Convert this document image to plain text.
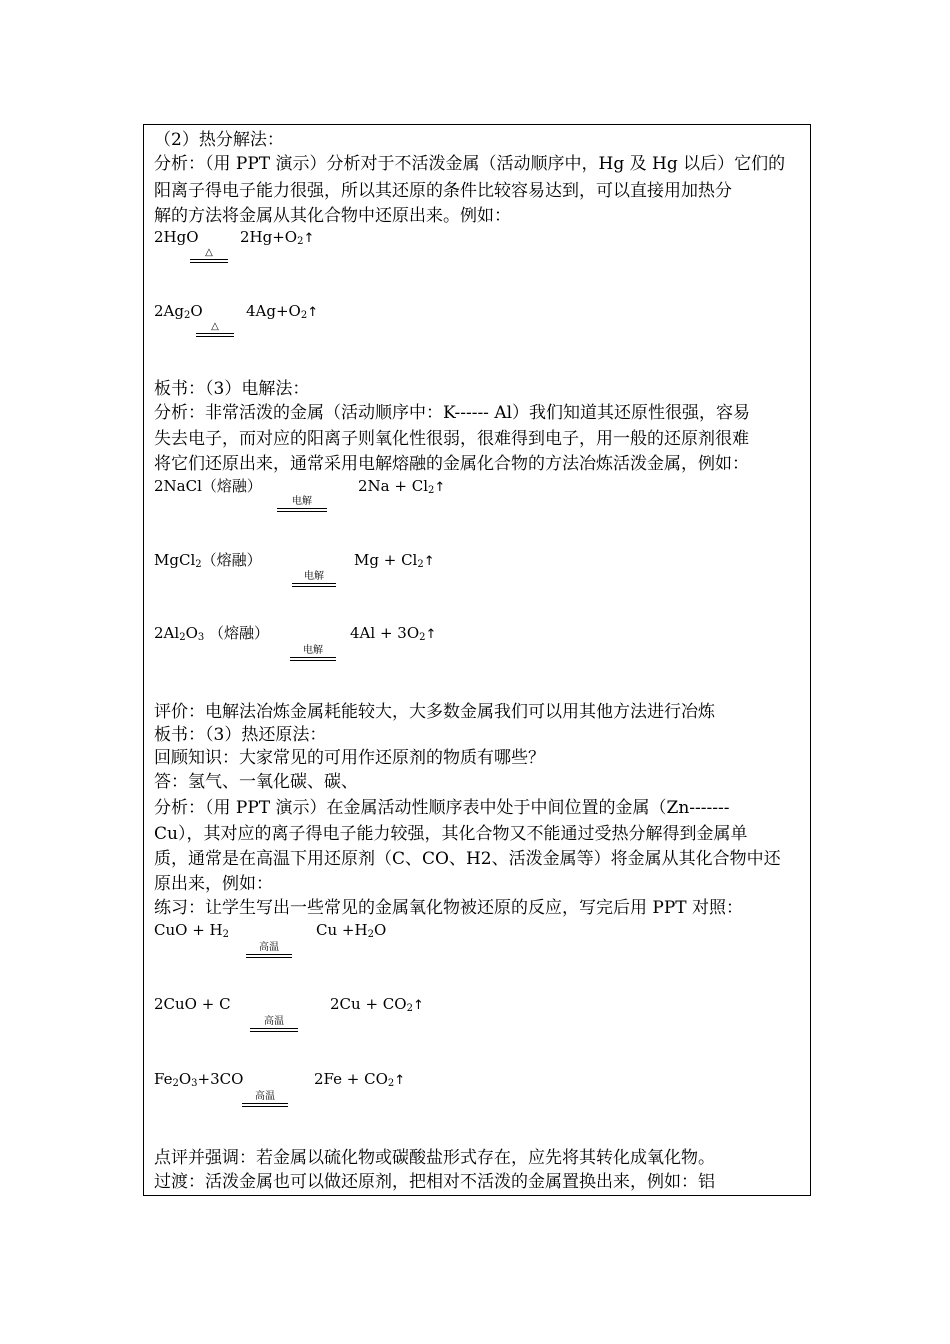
（2）热分解法：
分析：（用 PPT 演示）分析对于不活泼金属（活动顺序中，Hg 及 Hg 以后）它们的
阳离子得电子能力很强，所以其还原的条件比较容易达到，可以直接用加热分
解的方法将金属从其化合物中还原出来。例如：
2HgO	$2Hg+O_2↑$
△
$2Ag_2O$	$4Ag+O_2↑$
△
板书：（3）电解法：
分析：非常活泼的金属（活动顺序中：K------ Al）我们知道其还原性很强，容易
失去电子，而对应的阳离子则氧化性很弱，很难得到电子，用一般的还原剂很难
将它们还原出来，通常采用电解熔融的金属化合物的方法冶炼活泼金属，例如：
2NaCl（熔融）	$2Na + Cl_2↑$
电解
MgCl$_2$（熔融）	$Mg + Cl_2↑$
电解
$2Al_2O_3$ （熔融）	$4Al + 3O_2↑$
电解
评价：电解法冶炼金属耗能较大，大多数金属我们可以用其他方法进行冶炼
板书：（3）热还原法：
回顾知识：大家常见的可用作还原剂的物质有哪些？
答：氢气、一氧化碳、碳、
分析：（用 PPT 演示）在金属活动性顺序表中处于中间位置的金属（Zn-------
Cu），其对应的离子得电子能力较强，其化合物又不能通过受热分解得到金属单
质，通常是在高温下用还原剂（C、CO、H2、活泼金属等）将金属从其化合物中还
原出来，例如：
练习：让学生写出一些常见的金属氧化物被还原的反应，写完后用 PPT 对照：
CuO + $H_2$	$Cu +H_2O$
高温
2CuO + C	$2Cu + CO_2↑$
高温
$Fe_2O_3+3CO$	$2Fe + CO_2↑$
高温
点评并强调：若金属以硫化物或碳酸盐形式存在，应先将其转化成氧化物。
过渡：活泼金属也可以做还原剂，把相对不活泼的金属置换出来，例如：铝
